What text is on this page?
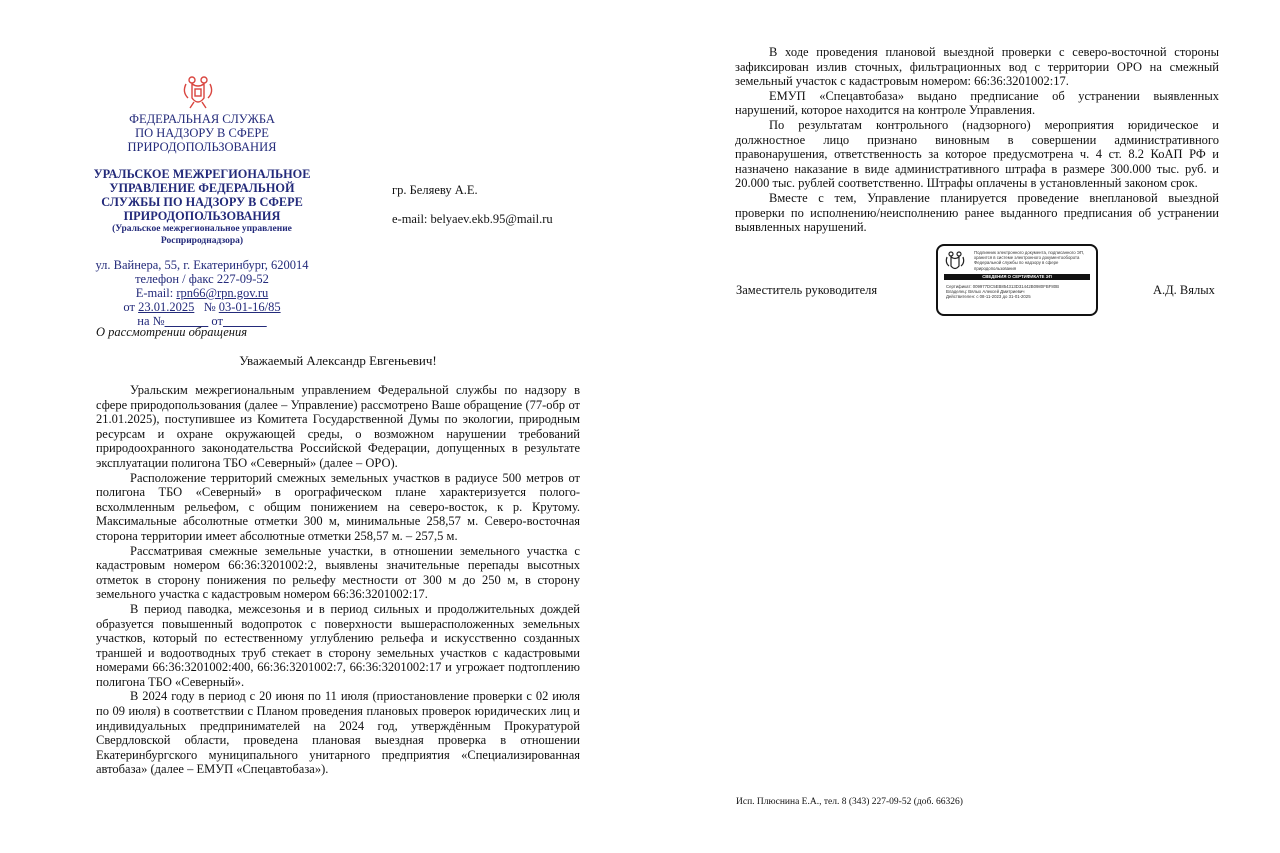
ФЕДЕРАЛЬНАЯ СЛУЖБА
ПО НАДЗОРУ В СФЕРЕ
ПРИРОДОПОЛЬЗОВАНИЯ
УРАЛЬСКОЕ МЕЖРЕГИОНАЛЬНОЕ
УПРАВЛЕНИЕ ФЕДЕРАЛЬНОЙ
СЛУЖБЫ ПО НАДЗОРУ В СФЕРЕ
ПРИРОДОПОЛЬЗОВАНИЯ
(Уральское межрегиональное управление
Росприроднадзора)
ул. Вайнера, 55, г. Екатеринбург, 620014
телефон / факс 227-09-52
E-mail: rpn66@rpn.gov.ru
от 23.01.2025 № 03-01-16/85
на №	от
О рассмотрении обращения
гр. Беляеву А.Е.
e-mail: belyaev.ekb.95@mail.ru
Уважаемый Александр Евгеньевич!

Уральским межрегиональным управлением Федеральной службы по надзору в сфере природопользования (далее – Управление) рассмотрено Ваше обращение (77-обр от 21.01.2025), поступившее из Комитета Государственной Думы по экологии, природным ресурсам и охране окружающей среды, о возможном нарушении требований природоохранного законодательства Российской Федерации, допущенных в результате эксплуатации полигона ТБО «Северный» (далее – ОРО).

Расположение территорий смежных земельных участков в радиусе 500 метров от полигона ТБО «Северный» в орографическом плане характеризуется полого-всхолмленным рельефом, с общим понижением на северо-восток, к р. Крутому. Максимальные абсолютные отметки 300 м, минимальные 258,57 м. Северо-восточная сторона территории имеет абсолютные отметки 258,57 м. – 257,5 м.

Рассматривая смежные земельные участки, в отношении земельного участка с кадастровым номером 66:36:3201002:2, выявлены значительные перепады высотных отметок в сторону понижения по рельефу местности от 300 м до 250 м, в сторону земельного участка с кадастровым номером 66:36:3201002:17.

В период паводка, межсезонья и в период сильных и продолжительных дождей образуется повышенный водопроток с поверхности вышерасположенных земельных участков, который по естественному углублению рельефа и искусственно созданных траншей и водоотводных труб стекает в сторону земельных участков с кадастровыми номерами 66:36:3201002:400, 66:36:3201002:7, 66:36:3201002:17 и угрожает подтоплению полигона ТБО «Северный».

В 2024 году в период с 20 июня по 11 июля (приостановление проверки с 02 июля по 09 июля) в соответствии с Планом проведения плановых проверок юридических лиц и индивидуальных предпринимателей на 2024 год, утверждённым Прокуратурой Свердловской области, проведена плановая выездная проверка в отношении Екатеринбургского муниципального унитарного предприятия «Специализированная автобаза» (далее – ЕМУП «Спецавтобаза»).

В ходе проведения плановой выездной проверки с северо-восточной стороны зафиксирован излив сточных, фильтрационных вод с территории ОРО на смежный земельный участок с кадастровым номером: 66:36:3201002:17.

ЕМУП «Спецавтобаза» выдано предписание об устранении выявленных нарушений, которое находится на контроле Управления.

По результатам контрольного (надзорного) мероприятия юридическое и должностное лицо признано виновным в совершении административного правонарушения, ответственность за которое предусмотрена ч. 4 ст. 8.2 КоАП РФ и назначено наказание в виде административного штрафа в размере 300.000 тыс. руб. и 20.000 тыс. рублей соответственно. Штрафы оплачены в установленный законом срок.

Вместе с тем, Управление планируется проведение внеплановой выездной проверки по исполнению/неисполнению ранее выданного предписания об устранении выявленных нарушений.

Заместитель руководителя	А.Д. Вялых
Подлинник электронного документа, подписанного ЭП, хранится в системе электронного документооборота Федеральной службы по надзору в сфере природопользования
СВЕДЕНИЯ О СЕРТИФИКАТЕ ЭП
Сертификат: 009977DC5EB854313D31442B0980FBF80B
Владелец: Вялых Алексей Дмитриевич
Действителен: с 08-11-2023 до 31-01-2025
Исп. Плюснина Е.А., тел. 8 (343) 227-09-52 (доб. 66326)
